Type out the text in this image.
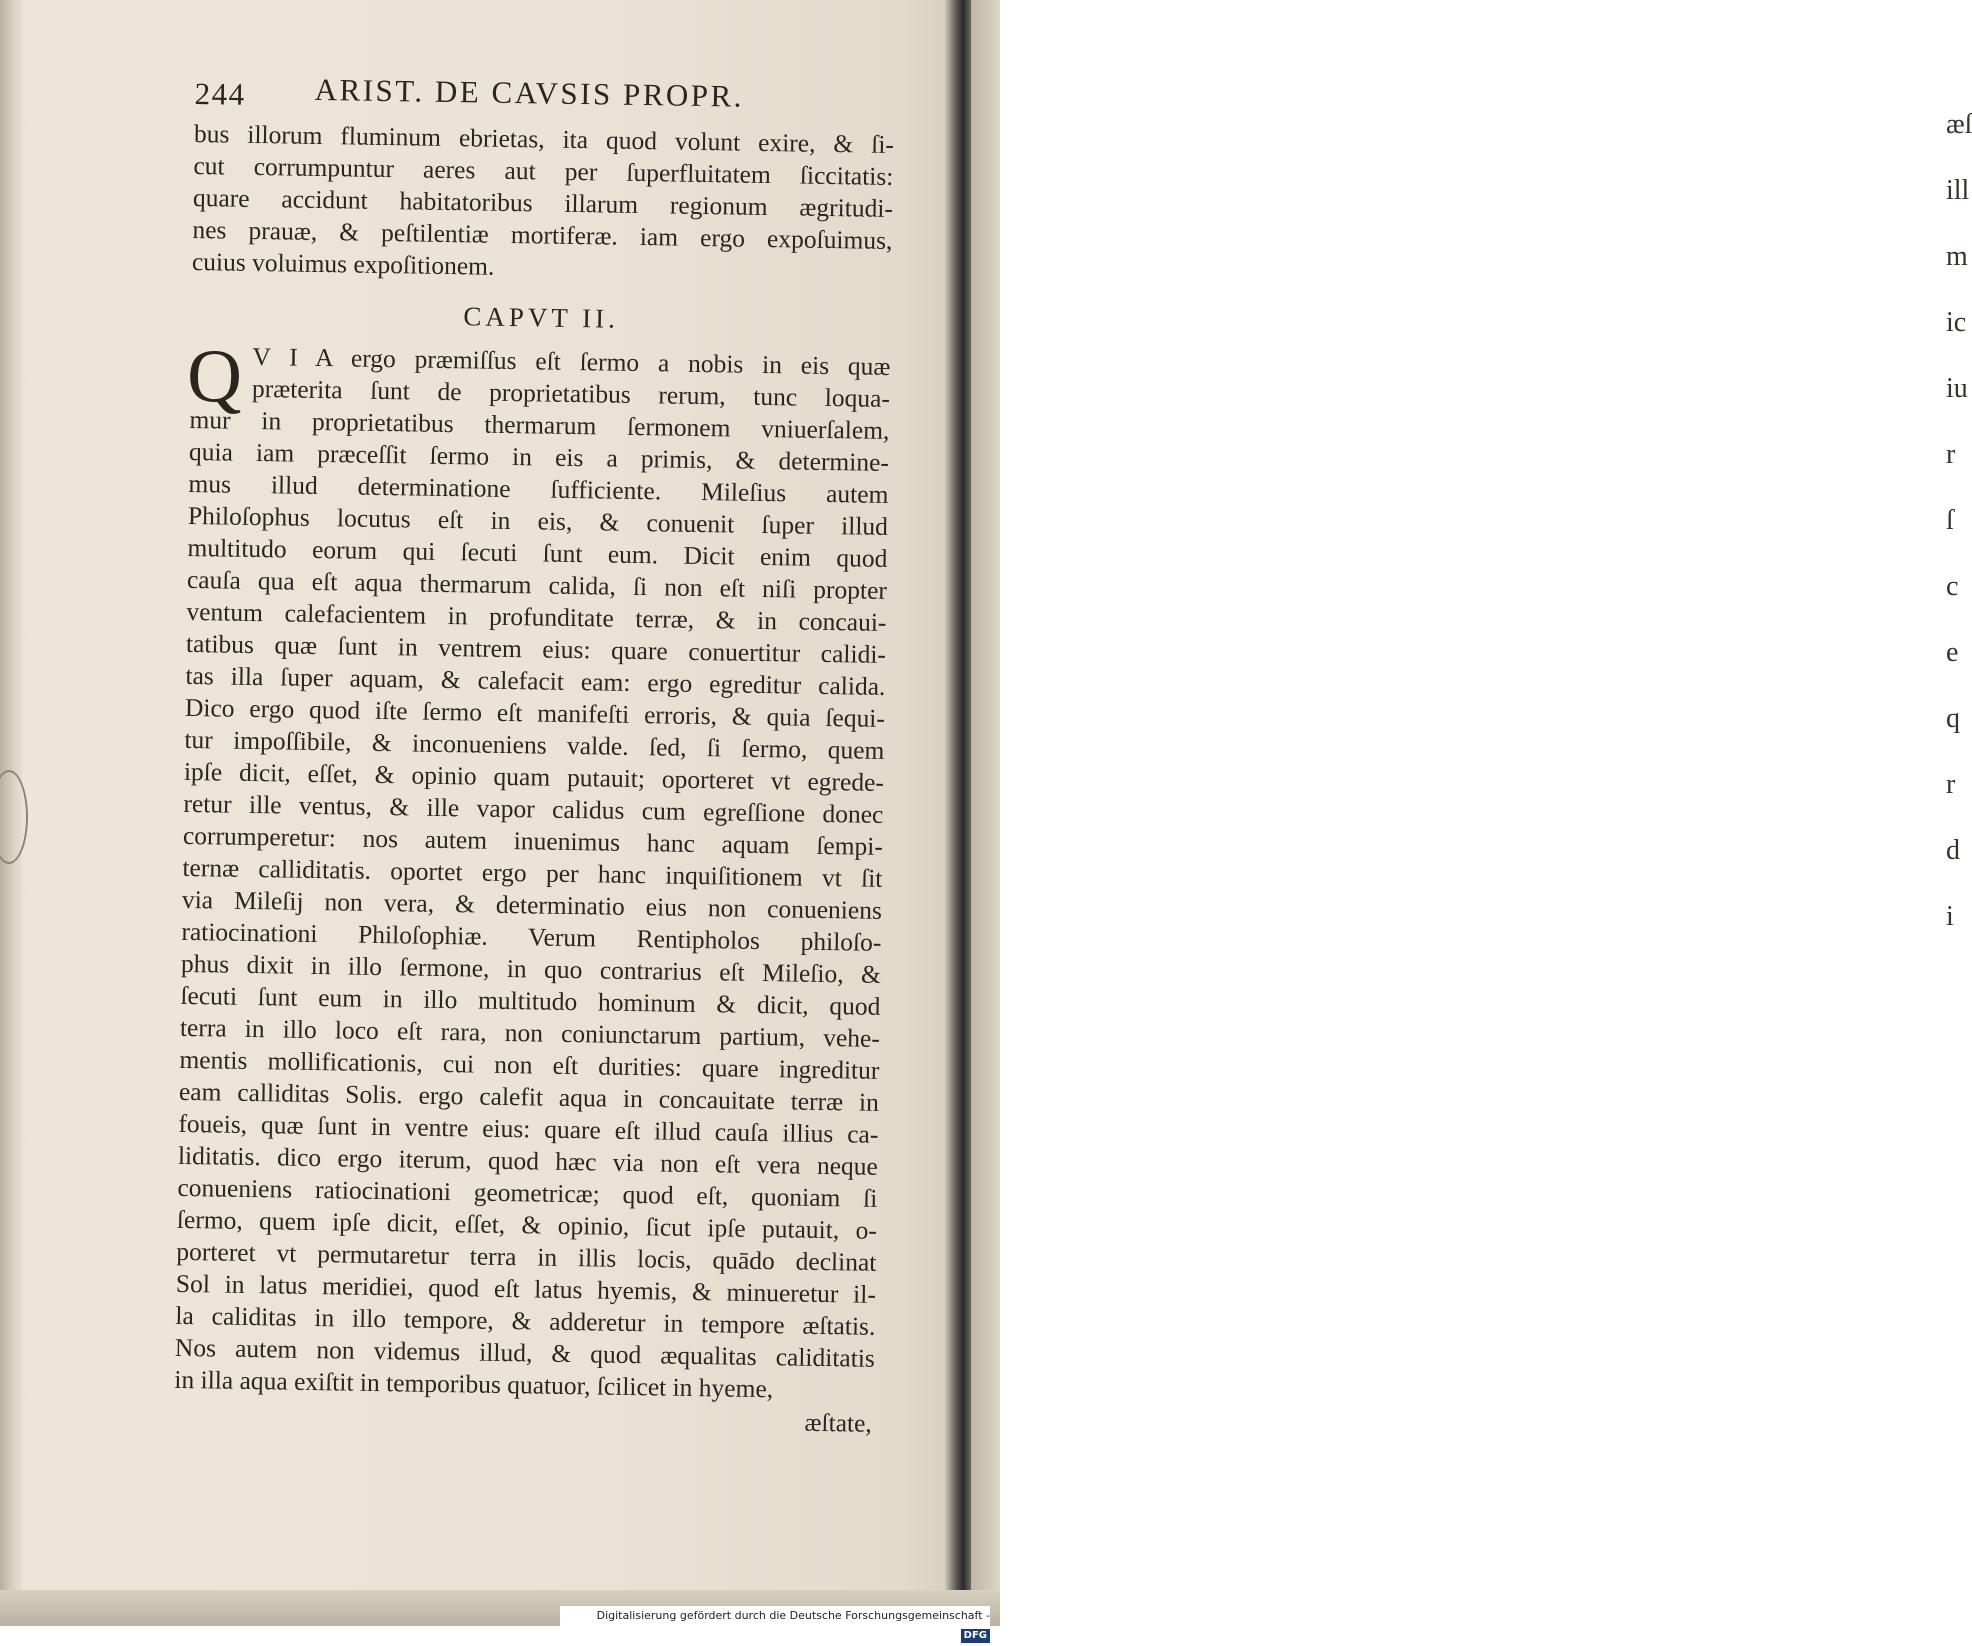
æſ
ill
m
ic
iu
r
ſ
c
e
q
r
d
i
244 ARIST. DE CAVSIS PROPR.
bus illorum fluminum ebrietas, ita quod volunt exire, & ſi-
cut corrumpuntur aeres aut per ſuperfluitatem ſiccitatis:
quare accidunt habitatoribus illarum regionum ægritudi-
nes prauæ, & peſtilentiæ mortiferæ. iam ergo expoſuimus,
cuius voluimus expoſitionem.
CAPVT II.
Q V I A ergo præmiſſus eſt ſermo a nobis in eis quæ
præterita ſunt de proprietatibus rerum, tunc loqua-
mur in proprietatibus thermarum ſermonem vniuerſalem,
quia iam præceſſit ſermo in eis a primis, & determine-
mus illud determinatione ſufficiente. Mileſius autem
Philoſophus locutus eſt in eis, & conuenit ſuper illud
multitudo eorum qui ſecuti ſunt eum. Dicit enim quod
cauſa qua eſt aqua thermarum calida, ſi non eſt niſi propter
ventum calefacientem in profunditate terræ, & in concaui-
tatibus quæ ſunt in ventrem eius: quare conuertitur calidi-
tas illa ſuper aquam, & calefacit eam: ergo egreditur calida.
Dico ergo quod iſte ſermo eſt manifeſti erroris, & quia ſequi-
tur impoſſibile, & inconueniens valde. ſed, ſi ſermo, quem
ipſe dicit, eſſet, & opinio quam putauit; oporteret vt egrede-
retur ille ventus, & ille vapor calidus cum egreſſione donec
corrumperetur: nos autem inuenimus hanc aquam ſempi-
ternæ calliditatis. oportet ergo per hanc inquiſitionem vt ſit
via Mileſij non vera, & determinatio eius non conueniens
ratiocinationi Philoſophiæ. Verum Rentipholos philoſo-
phus dixit in illo ſermone, in quo contrarius eſt Mileſio, &
ſecuti ſunt eum in illo multitudo hominum & dicit, quod
terra in illo loco eſt rara, non coniunctarum partium, vehe-
mentis mollificationis, cui non eſt durities: quare ingreditur
eam calliditas Solis. ergo calefit aqua in concauitate terræ in
foueis, quæ ſunt in ventre eius: quare eſt illud cauſa illius ca-
liditatis. dico ergo iterum, quod hæc via non eſt vera neque
conueniens ratiocinationi geometricæ; quod eſt, quoniam ſi
ſermo, quem ipſe dicit, eſſet, & opinio, ſicut ipſe putauit, o-
porteret vt permutaretur terra in illis locis, quādo declinat
Sol in latus meridiei, quod eſt latus hyemis, & minueretur il-
la caliditas in illo tempore, & adderetur in tempore æſtatis.
Nos autem non videmus illud, & quod æqualitas caliditatis
in illa aqua exiſtit in temporibus quatuor, ſcilicet in hyeme,
æſtate,
Digitalisierung gefördert durch die Deutsche Forschungsgemeinschaft - DFG
